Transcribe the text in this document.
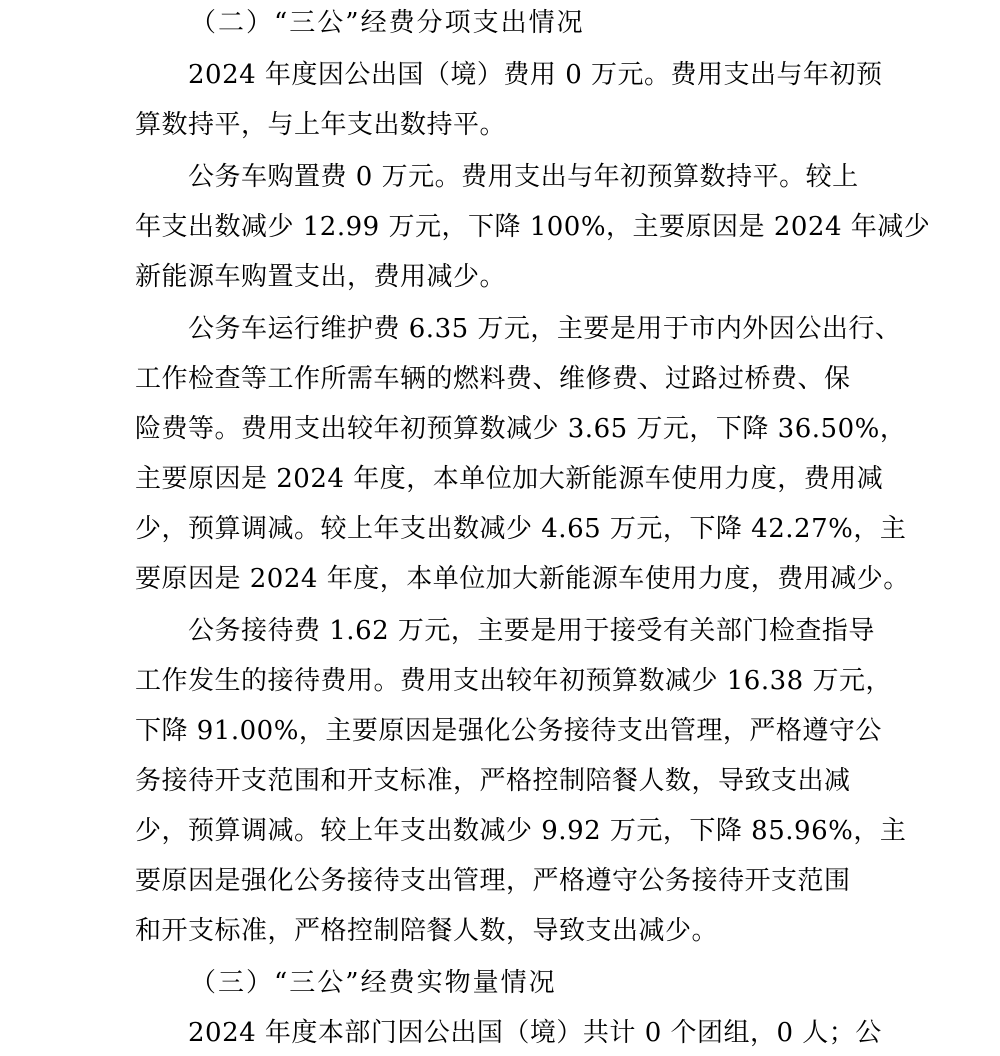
（二）“三公”经费分项支出情况
2024 年度因公出国（境）费用 0 万元。费用支出与年初预
算数持平，与上年支出数持平。
公务车购置费 0 万元。费用支出与年初预算数持平。较上
年支出数减少 12.99 万元，下降 100%，主要原因是 2024 年减少
新能源车购置支出，费用减少。
公务车运行维护费 6.35 万元，主要是用于市内外因公出行、
工作检查等工作所需车辆的燃料费、维修费、过路过桥费、保
险费等。费用支出较年初预算数减少 3.65 万元，下降 36.50%，
主要原因是 2024 年度，本单位加大新能源车使用力度，费用减
少，预算调减。较上年支出数减少 4.65 万元，下降 42.27%，主
要原因是 2024 年度，本单位加大新能源车使用力度，费用减少。
公务接待费 1.62 万元，主要是用于接受有关部门检查指导
工作发生的接待费用。费用支出较年初预算数减少 16.38 万元，
下降 91.00%，主要原因是强化公务接待支出管理，严格遵守公
务接待开支范围和开支标准，严格控制陪餐人数，导致支出减
少，预算调减。较上年支出数减少 9.92 万元，下降 85.96%，主
要原因是强化公务接待支出管理，严格遵守公务接待开支范围
和开支标准，严格控制陪餐人数，导致支出减少。
（三）“三公”经费实物量情况
2024 年度本部门因公出国（境）共计 0 个团组，0 人；公
